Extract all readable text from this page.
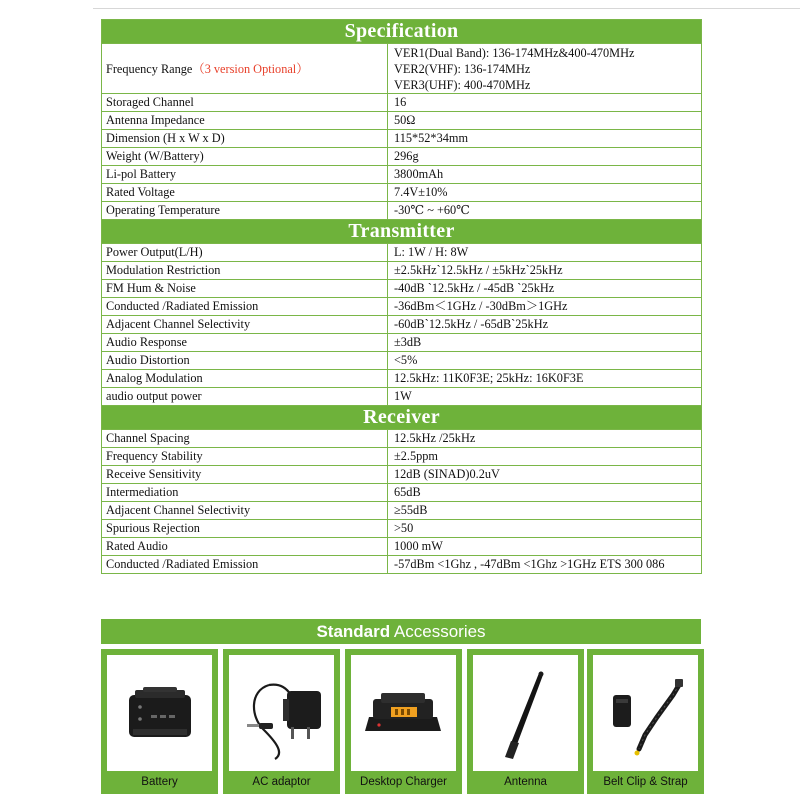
Specification	
Frequency Range（3 version Optional）	VER1(Dual Band): 136-174MHz&400-470MHz
VER2(VHF): 136-174MHz
VER3(UHF): 400-470MHz

Storaged Channel	16
Antenna Impedance	50Ω
Dimension (H x W x D)	115*52*34mm
Weight (W/Battery)	296g
Li-pol Battery	3800mAh
Rated Voltage	7.4V±10%
Operating Temperature	-30℃ ~ +60℃
Transmitter	
Power Output(L/H)	L: 1W / H: 8W
Modulation Restriction	±2.5kHz`12.5kHz / ±5kHz`25kHz
FM Hum & Noise	-40dB `12.5kHz / -45dB `25kHz
Conducted /Radiated Emission	-36dBm＜1GHz / -30dBm＞1GHz
Adjacent Channel Selectivity	-60dB`12.5kHz / -65dB`25kHz
Audio Response	±3dB
Audio Distortion	<5%
Analog Modulation	12.5kHz: 11K0F3E; 25kHz: 16K0F3E
audio output power	1W
Receiver	
Channel Spacing	12.5kHz /25kHz
Frequency Stability	±2.5ppm
Receive Sensitivity	12dB (SINAD)0.2uV
Intermediation	65dB
Adjacent Channel Selectivity	≥55dB
Spurious Rejection	>50
Rated Audio	1000 mW
Conducted /Radiated Emission	-57dBm <1Ghz , -47dBm <1Ghz >1GHz ETS 300 086
Standard Accessories
Battery	AC adaptor	Desktop Charger	Antenna	Belt Clip & Strap
